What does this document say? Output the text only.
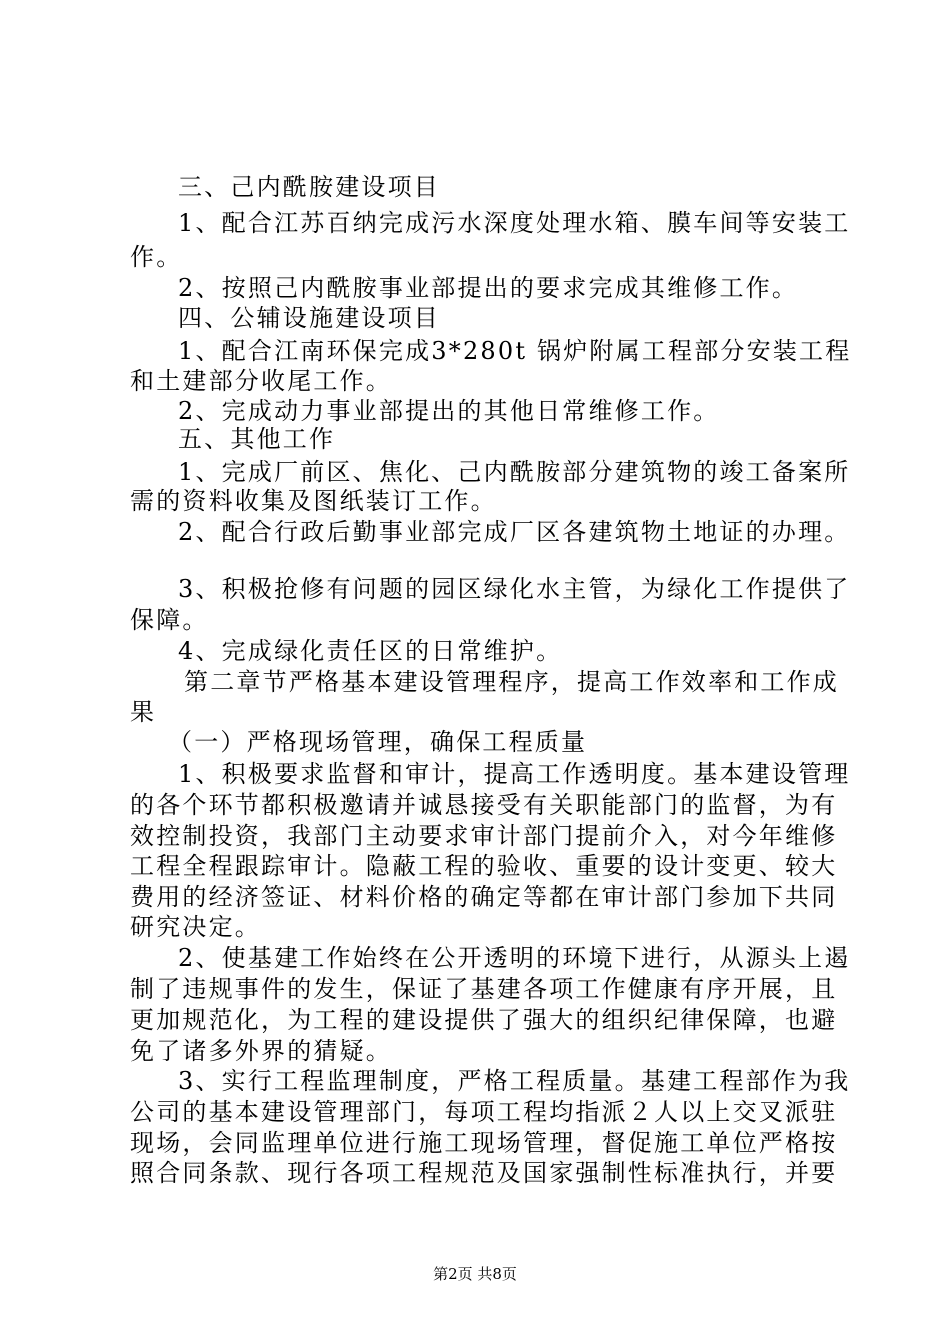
三、己内酰胺建设项目
1、配合江苏百纳完成污水深度处理水箱、膜车间等安装工
作。
2、按照己内酰胺事业部提出的要求完成其维修工作。
四、公辅设施建设项目
1、配合江南环保完成3*280t 锅炉附属工程部分安装工程
和土建部分收尾工作。
2、完成动力事业部提出的其他日常维修工作。
五、其他工作
1、完成厂前区、焦化、己内酰胺部分建筑物的竣工备案所
需的资料收集及图纸装订工作。
2、配合行政后勤事业部完成厂区各建筑物土地证的办理。
3、积极抢修有问题的园区绿化水主管，为绿化工作提供了
保障。
4、完成绿化责任区的日常维护。
第二章节严格基本建设管理程序，提高工作效率和工作成
果
（一）严格现场管理，确保工程质量
1、积极要求监督和审计，提高工作透明度。基本建设管理
的各个环节都积极邀请并诚恳接受有关职能部门的监督，为有
效控制投资，我部门主动要求审计部门提前介入，对今年维修
工程全程跟踪审计。隐蔽工程的验收、重要的设计变更、较大
费用的经济签证、材料价格的确定等都在审计部门参加下共同
研究决定。
2、使基建工作始终在公开透明的环境下进行，从源头上遏
制了违规事件的发生，保证了基建各项工作健康有序开展，且
更加规范化，为工程的建设提供了强大的组织纪律保障，也避
免了诸多外界的猜疑。
3、实行工程监理制度，严格工程质量。基建工程部作为我
公司的基本建设管理部门，每项工程均指派２人以上交叉派驻
现场，会同监理单位进行施工现场管理，督促施工单位严格按
照合同条款、现行各项工程规范及国家强制性标准执行，并要
第2页 共8页
